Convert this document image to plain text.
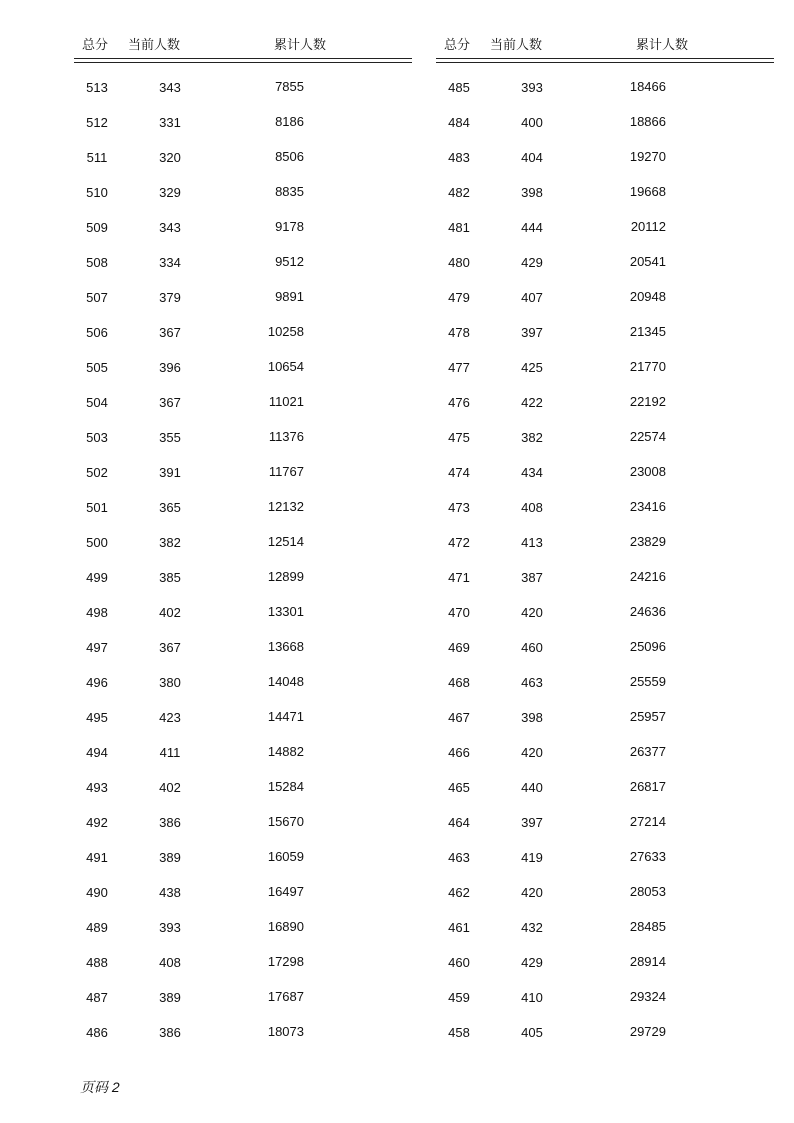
总分 当前人数	累计人数
513	343	7855
512	331	8186
511	320	8506
510	329	8835
509	343	9178
508	334	9512
507	379	9891
506	367	10258
505	396	10654
504	367	11021
503	355	11376
502	391	11767
501	365	12132
500	382	12514
499	385	12899
498	402	13301
497	367	13668
496	380	14048
495	423	14471
494	411	14882
493	402	15284
492	386	15670
491	389	16059
490	438	16497
489	393	16890
488	408	17298
487	389	17687
486	386	18073
总分 当前人数	累计人数
485	393	18466
484	400	18866
483	404	19270
482	398	19668
481	444	20112
480	429	20541
479	407	20948
478	397	21345
477	425	21770
476	422	22192
475	382	22574
474	434	23008
473	408	23416
472	413	23829
471	387	24216
470	420	24636
469	460	25096
468	463	25559
467	398	25957
466	420	26377
465	440	26817
464	397	27214
463	419	27633
462	420	28053
461	432	28485
460	429	28914
459	410	29324
458	405	29729
页码 2
